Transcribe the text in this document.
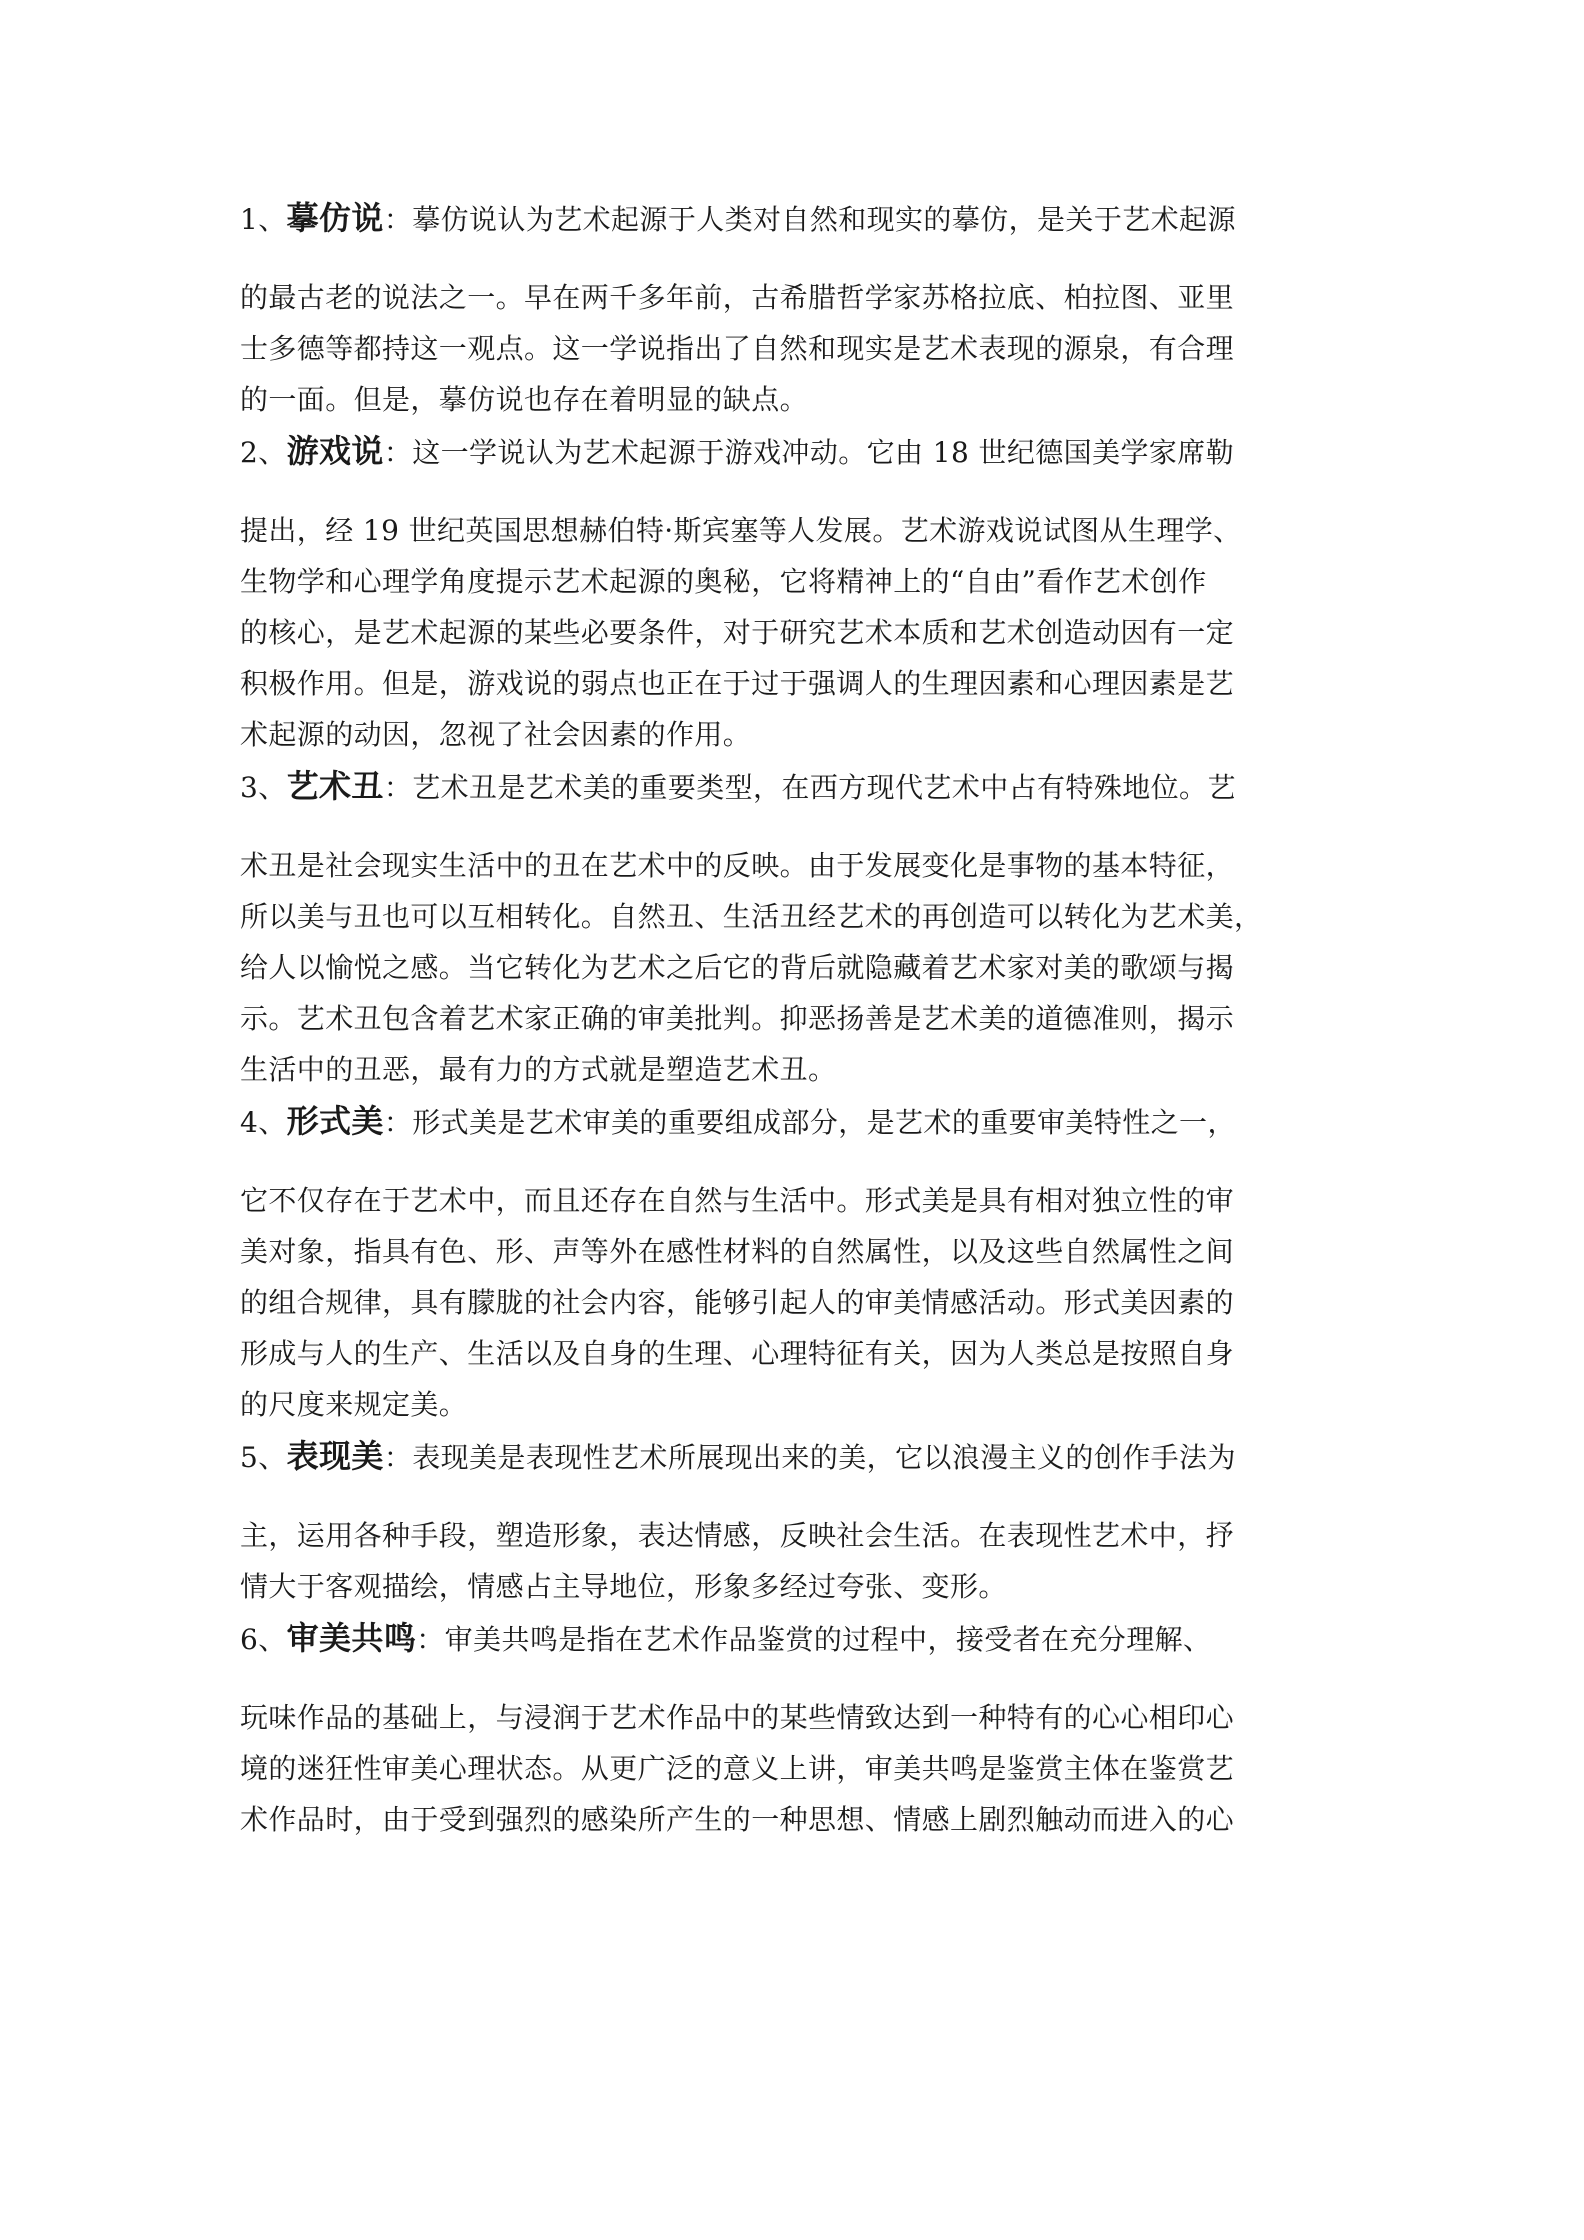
1、摹仿说：摹仿说认为艺术起源于人类对自然和现实的摹仿，是关于艺术起源
的最古老的说法之一。早在两千多年前，古希腊哲学家苏格拉底、柏拉图、亚里
士多德等都持这一观点。这一学说指出了自然和现实是艺术表现的源泉，有合理
的一面。但是，摹仿说也存在着明显的缺点。
2、游戏说：这一学说认为艺术起源于游戏冲动。它由 18 世纪德国美学家席勒
提出，经 19 世纪英国思想赫伯特·斯宾塞等人发展。艺术游戏说试图从生理学、
生物学和心理学角度提示艺术起源的奥秘，它将精神上的“自由”看作艺术创作
的核心，是艺术起源的某些必要条件，对于研究艺术本质和艺术创造动因有一定
积极作用。但是，游戏说的弱点也正在于过于强调人的生理因素和心理因素是艺
术起源的动因，忽视了社会因素的作用。
3、艺术丑：艺术丑是艺术美的重要类型，在西方现代艺术中占有特殊地位。艺
术丑是社会现实生活中的丑在艺术中的反映。由于发展变化是事物的基本特征，
所以美与丑也可以互相转化。自然丑、生活丑经艺术的再创造可以转化为艺术美，
给人以愉悦之感。当它转化为艺术之后它的背后就隐藏着艺术家对美的歌颂与揭
示。艺术丑包含着艺术家正确的审美批判。抑恶扬善是艺术美的道德准则，揭示
生活中的丑恶，最有力的方式就是塑造艺术丑。
4、形式美：形式美是艺术审美的重要组成部分，是艺术的重要审美特性之一，
它不仅存在于艺术中，而且还存在自然与生活中。形式美是具有相对独立性的审
美对象，指具有色、形、声等外在感性材料的自然属性，以及这些自然属性之间
的组合规律，具有朦胧的社会内容，能够引起人的审美情感活动。形式美因素的
形成与人的生产、生活以及自身的生理、心理特征有关，因为人类总是按照自身
的尺度来规定美。
5、表现美：表现美是表现性艺术所展现出来的美，它以浪漫主义的创作手法为
主，运用各种手段，塑造形象，表达情感，反映社会生活。在表现性艺术中，抒
情大于客观描绘，情感占主导地位，形象多经过夸张、变形。
6、审美共鸣：审美共鸣是指在艺术作品鉴赏的过程中，接受者在充分理解、
玩味作品的基础上，与浸润于艺术作品中的某些情致达到一种特有的心心相印心
境的迷狂性审美心理状态。从更广泛的意义上讲，审美共鸣是鉴赏主体在鉴赏艺
术作品时，由于受到强烈的感染所产生的一种思想、情感上剧烈触动而进入的心
